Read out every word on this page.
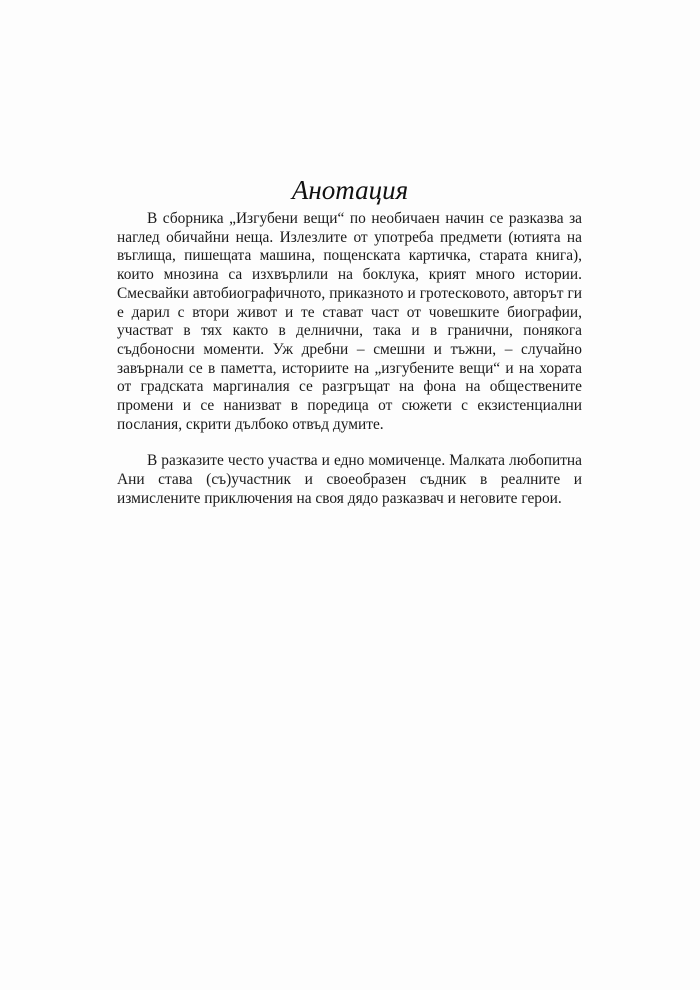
Анотация

В сборника „Изгубени вещи“ по необичаен начин се разказва за наглед обичайни неща. Излезлите от употреба предмети (ютията на въглища, пишещата машина, пощенската картичка, старата книга), които мнозина са изхвърлили на боклука, крият много истории. Смесвайки автобиографичното, приказното и гротесковото, авторът ги е дарил с втори живот и те стават част от човешките биографии, участват в тях както в делнични, така и в гранични, понякога съдбоносни моменти. Уж дребни – смешни и тъжни, – случайно завърнали се в паметта, историите на „изгубените вещи“ и на хората от градската маргиналия се разгръщат на фона на обществените промени и се нанизват в поредица от сюжети с екзистенциални послания, скрити дълбоко отвъд думите.

В разказите често участва и едно момиченце. Малката любопитна Ани става (съ)участник и своеобразен съдник в реалните и измислените приключения на своя дядо разказвач и неговите герои.
